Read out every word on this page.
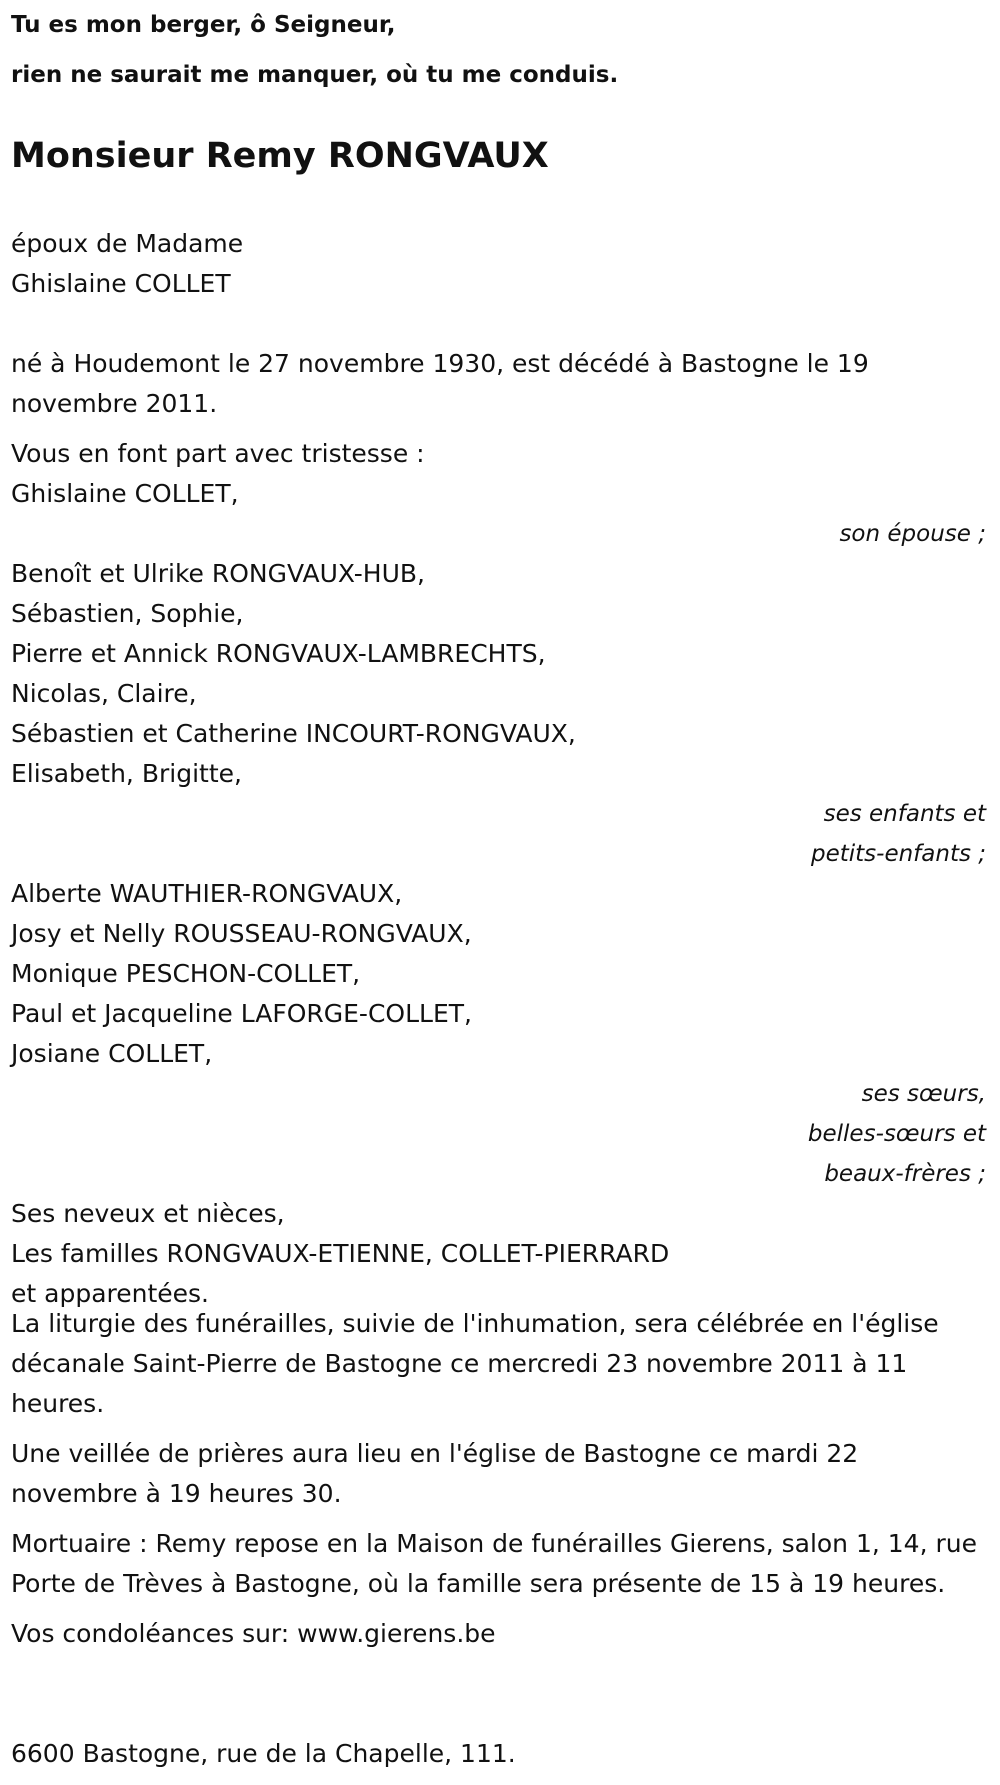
Tu es mon berger, ô Seigneur,

rien ne saurait me manquer, où tu me conduis.

Monsieur Remy RONGVAUX

époux de Madame

Ghislaine COLLET

né à Houdemont le 27 novembre 1930, est décédé à Bastogne le 19 novembre 2011.

Vous en font part avec tristesse :

Ghislaine COLLET,

son épouse ;

Benoît et Ulrike RONGVAUX-HUB,

Sébastien, Sophie,

Pierre et Annick RONGVAUX-LAMBRECHTS,

Nicolas, Claire,

Sébastien et Catherine INCOURT-RONGVAUX,

Elisabeth, Brigitte,

ses enfants et

petits-enfants ;

Alberte WAUTHIER-RONGVAUX,

Josy et Nelly ROUSSEAU-RONGVAUX,

Monique PESCHON-COLLET,

Paul et Jacqueline LAFORGE-COLLET,

Josiane COLLET,

ses sœurs,

belles-sœurs et

beaux-frères ;

Ses neveux et nièces,

Les familles RONGVAUX-ETIENNE, COLLET-PIERRARD

et apparentées.

La liturgie des funérailles, suivie de l'inhumation, sera célébrée en l'église décanale Saint-Pierre de Bastogne ce mercredi 23 novembre 2011 à 11 heures.

Une veillée de prières aura lieu en l'église de Bastogne ce mardi 22 novembre à 19 heures 30.

Mortuaire : Remy repose en la Maison de funérailles Gierens, salon 1, 14, rue Porte de Trèves à Bastogne, où la famille sera présente de 15 à 19 heures.

Vos condoléances sur: www.gierens.be

6600 Bastogne, rue de la Chapelle, 111.
